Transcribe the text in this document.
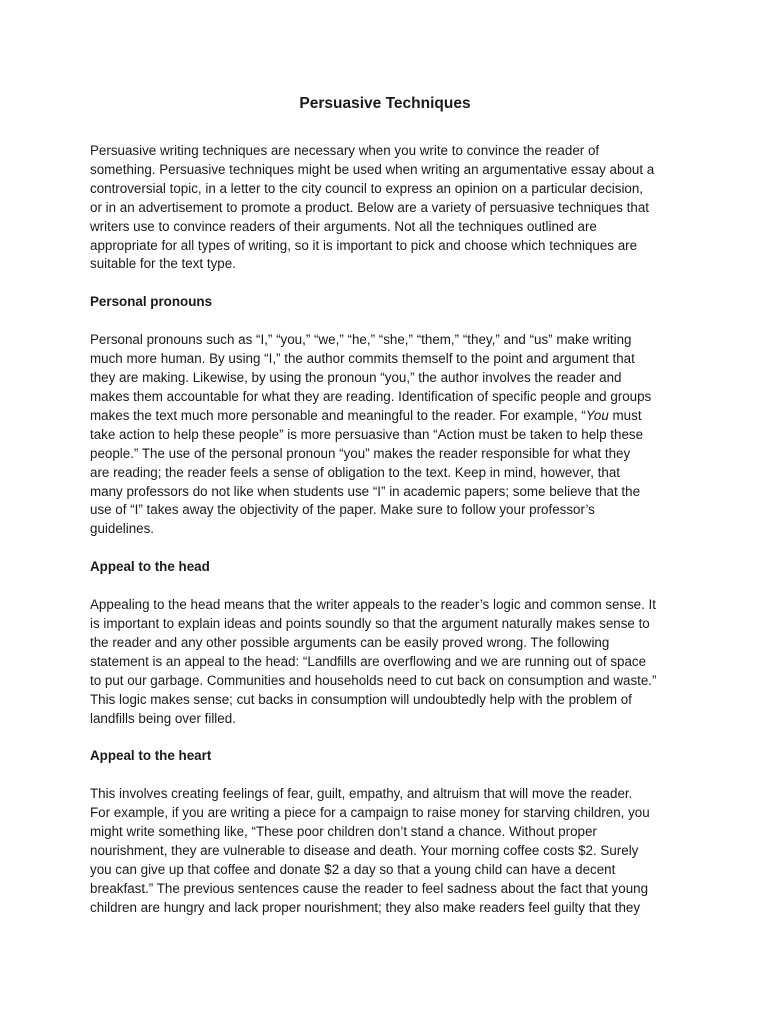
Persuasive Techniques
Persuasive writing techniques are necessary when you write to convince the reader of
something. Persuasive techniques might be used when writing an argumentative essay about a
controversial topic, in a letter to the city council to express an opinion on a particular decision,
or in an advertisement to promote a product. Below are a variety of persuasive techniques that
writers use to convince readers of their arguments. Not all the techniques outlined are
appropriate for all types of writing, so it is important to pick and choose which techniques are
suitable for the text type.
Personal pronouns
Personal pronouns such as “I,” “you,” “we,” “he,” “she,” “them,” “they,” and “us” make writing
much more human. By using “I,” the author commits themself to the point and argument that
they are making. Likewise, by using the pronoun “you,” the author involves the reader and
makes them accountable for what they are reading. Identification of specific people and groups
makes the text much more personable and meaningful to the reader. For example, “You must
take action to help these people” is more persuasive than “Action must be taken to help these
people.” The use of the personal pronoun “you” makes the reader responsible for what they
are reading; the reader feels a sense of obligation to the text. Keep in mind, however, that
many professors do not like when students use “I” in academic papers; some believe that the
use of “I” takes away the objectivity of the paper. Make sure to follow your professor’s
guidelines.
Appeal to the head
Appealing to the head means that the writer appeals to the reader’s logic and common sense. It
is important to explain ideas and points soundly so that the argument naturally makes sense to
the reader and any other possible arguments can be easily proved wrong. The following
statement is an appeal to the head: “Landfills are overflowing and we are running out of space
to put our garbage. Communities and households need to cut back on consumption and waste.”
This logic makes sense; cut backs in consumption will undoubtedly help with the problem of
landfills being over filled.
Appeal to the heart
This involves creating feelings of fear, guilt, empathy, and altruism that will move the reader.
For example, if you are writing a piece for a campaign to raise money for starving children, you
might write something like, “These poor children don’t stand a chance. Without proper
nourishment, they are vulnerable to disease and death. Your morning coffee costs $2. Surely
you can give up that coffee and donate $2 a day so that a young child can have a decent
breakfast.” The previous sentences cause the reader to feel sadness about the fact that young
children are hungry and lack proper nourishment; they also make readers feel guilty that they
